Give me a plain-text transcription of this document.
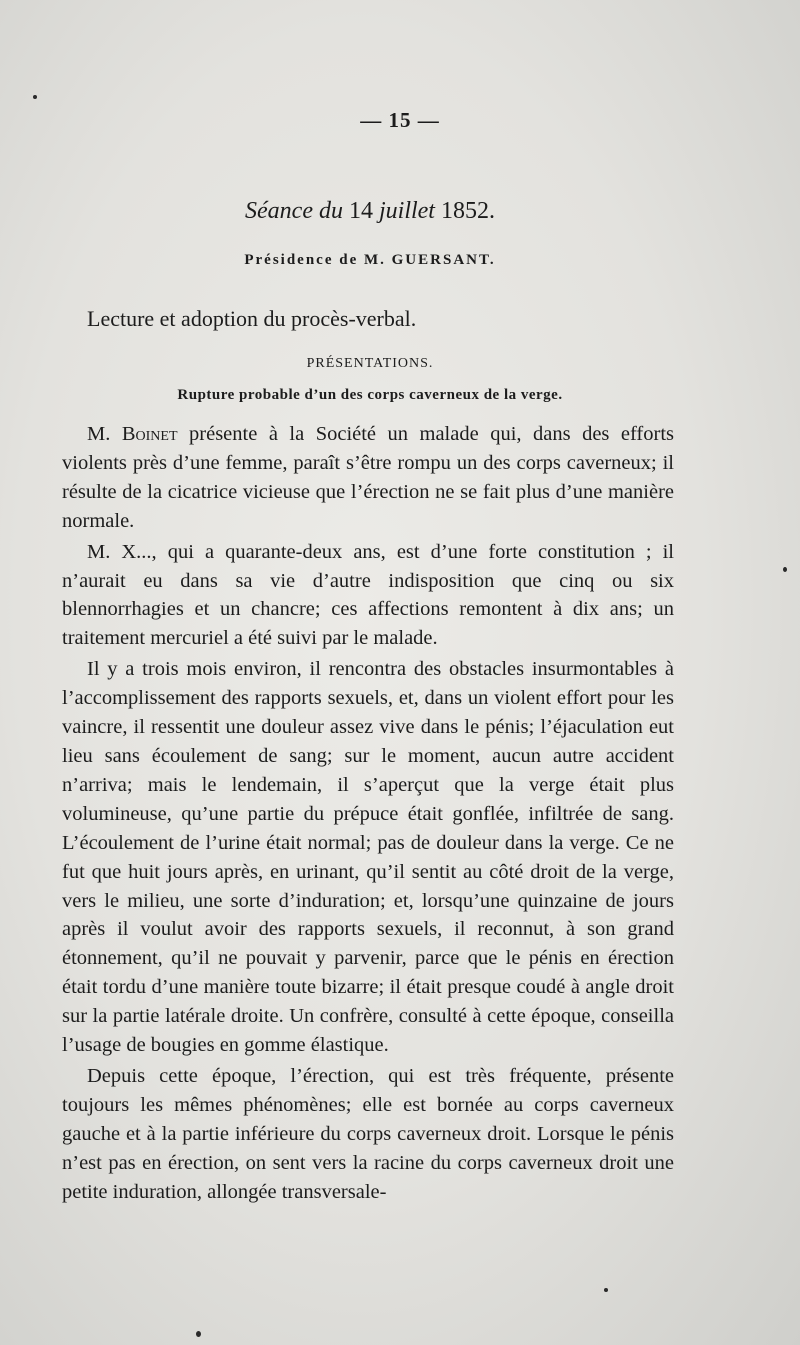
— 15 —
Séance du 14 juillet 1852.
Présidence de M. GUERSANT.
Lecture et adoption du procès-verbal.
PRÉSENTATIONS.
Rupture probable d’un des corps caverneux de la verge.

M. Boinet présente à la Société un malade qui, dans des efforts violents près d’une femme, paraît s’être rompu un des corps caverneux; il résulte de la cicatrice vicieuse que l’érection ne se fait plus d’une manière normale.

M. X..., qui a quarante-deux ans, est d’une forte constitution ; il n’aurait eu dans sa vie d’autre indisposition que cinq ou six blennorrhagies et un chancre; ces affections remontent à dix ans; un traitement mercuriel a été suivi par le malade.

Il y a trois mois environ, il rencontra des obstacles insurmontables à l’accomplissement des rapports sexuels, et, dans un violent effort pour les vaincre, il ressentit une douleur assez vive dans le pénis; l’éjaculation eut lieu sans écoulement de sang; sur le moment, aucun autre accident n’arriva; mais le lendemain, il s’aperçut que la verge était plus volumineuse, qu’une partie du prépuce était gonflée, infiltrée de sang. L’écoulement de l’urine était normal; pas de douleur dans la verge. Ce ne fut que huit jours après, en urinant, qu’il sentit au côté droit de la verge, vers le milieu, une sorte d’induration; et, lorsqu’une quinzaine de jours après il voulut avoir des rapports sexuels, il reconnut, à son grand étonnement, qu’il ne pouvait y parvenir, parce que le pénis en érection était tordu d’une manière toute bizarre; il était presque coudé à angle droit sur la partie latérale droite. Un confrère, consulté à cette époque, conseilla l’usage de bougies en gomme élastique.

Depuis cette époque, l’érection, qui est très fréquente, présente toujours les mêmes phénomènes; elle est bornée au corps caverneux gauche et à la partie inférieure du corps caverneux droit. Lorsque le pénis n’est pas en érection, on sent vers la racine du corps caverneux droit une petite induration, allongée transversale-
